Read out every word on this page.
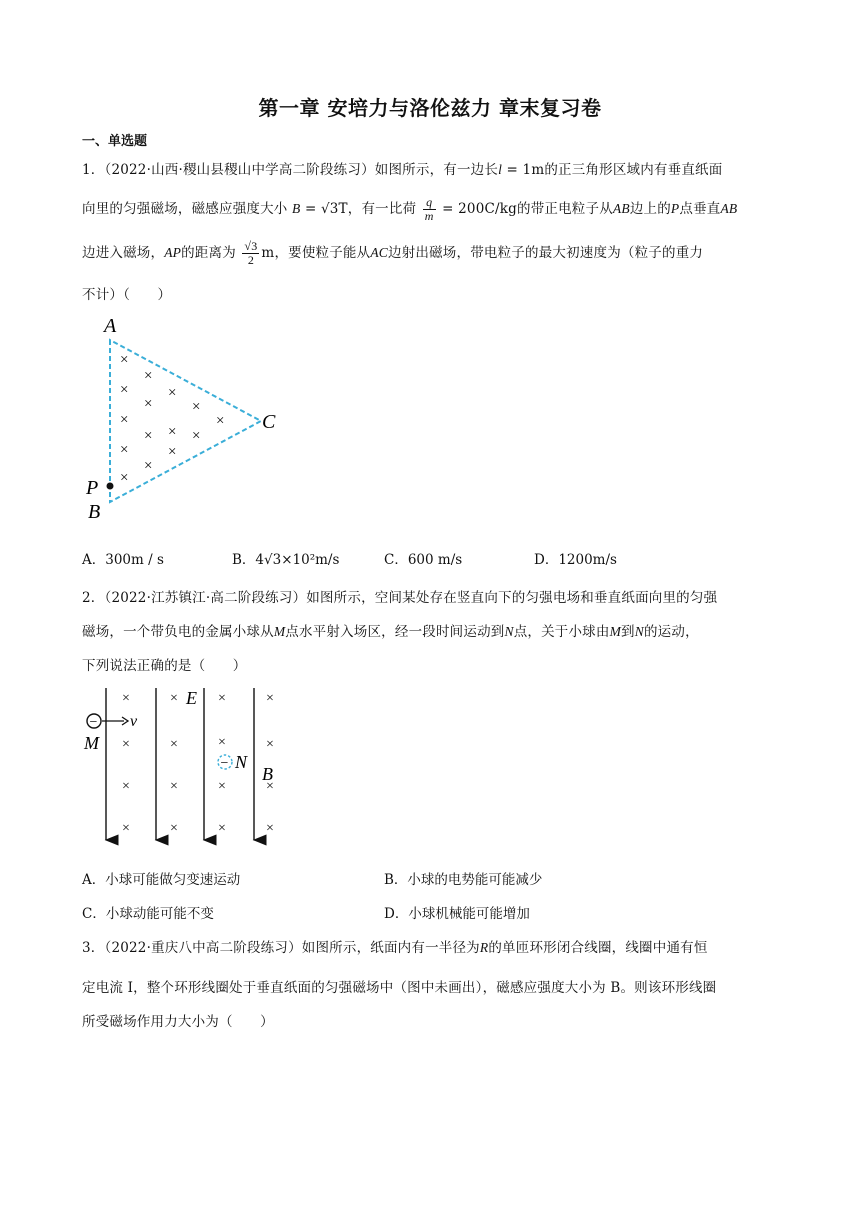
第一章 安培力与洛伦兹力 章末复习卷
一、单选题
1．（2022·山西·稷山县稷山中学高二阶段练习）如图所示，有一边长l = 1m的正三角形区域内有垂直纸面
向里的匀强磁场，磁感应强度大小 B = √3T，有一比荷 $\frac{q}{m} = 200C/kg$的带正电粒子从AB边上的P点垂直AB
边进入磁场，AP的距离为 $\frac{√3}{2}$ m，要使粒子能从AC边射出磁场，带电粒子的最大初速度为（粒子的重力
不计）（　　）
A
C
P
B
×
×
×
×
×
×	×
×
×
× × ×
×
×
×
A．300m / s	B．4√3×10²m/s	C．600 m/s	D．1200m/s
2．（2022·江苏镇江·高二阶段练习）如图所示，空间某处存在竖直向下的匀强电场和垂直纸面向里的匀强
磁场，一个带负电的金属小球从M点水平射入场区，经一段时间运动到N点，关于小球由M到N的运动，
下列说法正确的是（　　）
×
×
×
×
×
×
×
×
×
×
×
×
×
×
×
×
E
B
− v
M
− N
A．小球可能做匀变速运动	B．小球的电势能可能减少
C．小球动能可能不变	D．小球机械能可能增加
3．（2022·重庆八中高二阶段练习）如图所示，纸面内有一半径为R的单匝环形闭合线圈，线圈中通有恒
定电流 I，整个环形线圈处于垂直纸面的匀强磁场中（图中未画出），磁感应强度大小为 B。则该环形线圈
所受磁场作用力大小为（　　）
